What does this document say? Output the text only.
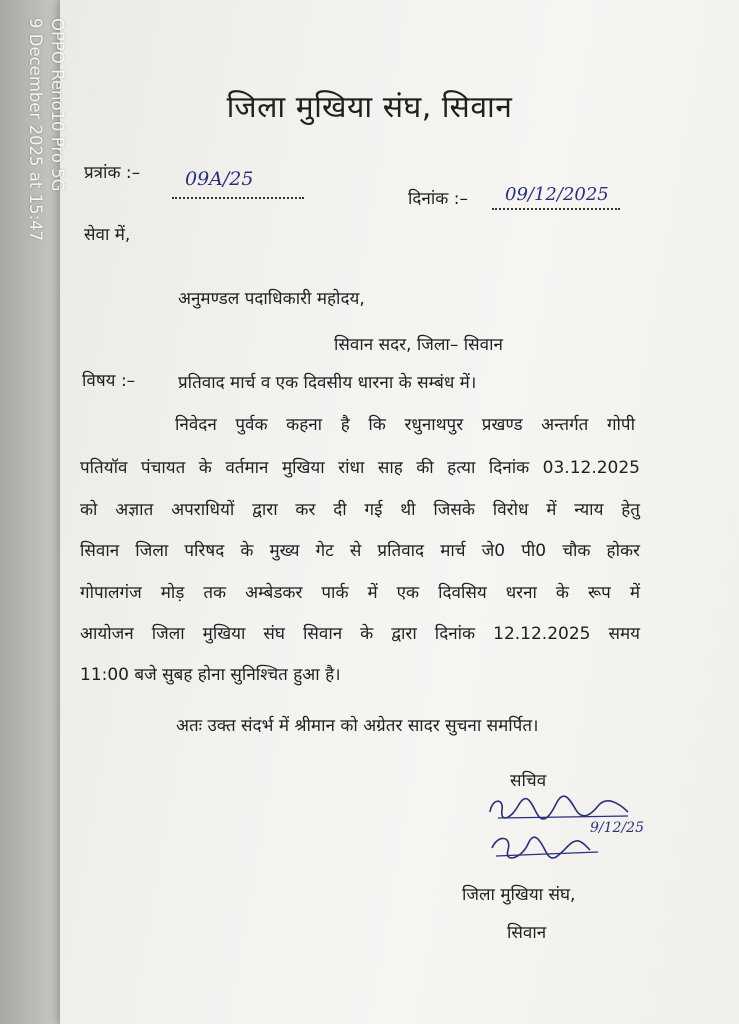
OPPO Reno10 Pro 5G
9 December 2025 at 15:47	जिला मुखिया संघ, सिवान
प्रत्रांक :– 09A/25
दिनांक :– 09/12/2025
सेवा में,
अनुमण्डल पदाधिकारी महोदय,
सिवान सदर, जिला– सिवान
विषय :–	प्रतिवाद मार्च व एक दिवसीय धारना के सम्बंध में।
निवेदन पुर्वक कहना है कि रधुनाथपुर प्रखण्ड अन्तर्गत गोपी
पतियॉव पंचायत के वर्तमान मुखिया रांधा साह की हत्या दिनांक 03.12.2025
को अज्ञात अपराधियों द्वारा कर दी गई थी जिसके विरोध में न्याय हेतु
सिवान जिला परिषद के मुख्य गेट से प्रतिवाद मार्च जे0 पी0 चौक होकर
गोपालगंज मोड़ तक अम्बेडकर पार्क में एक दिवसिय धरना के रूप में
आयोजन जिला मुखिया संघ सिवान के द्वारा दिनांक 12.12.2025 समय
11:00 बजे सुबह होना सुनिश्चित हुआ है।
अतः उक्त संदर्भ में श्रीमान को अग्रेतर सादर सुचना समर्पित।
सचिव
9/12/25
जिला मुखिया संघ,
सिवान
